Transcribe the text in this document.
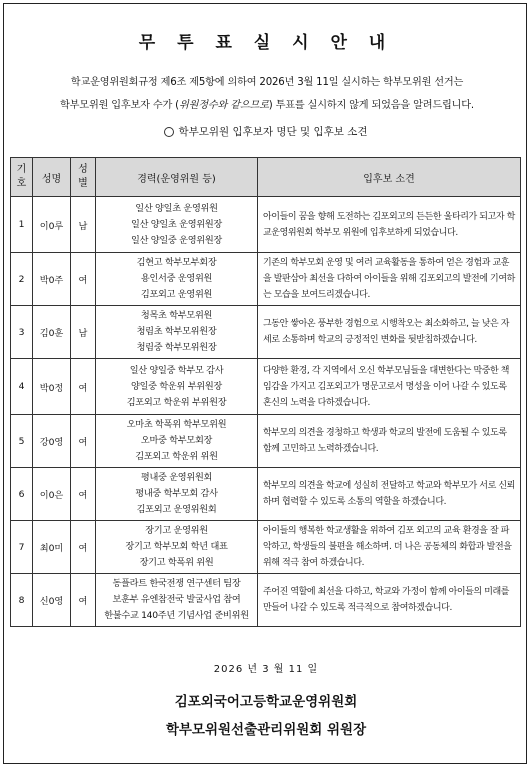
무 투 표 실 시 안 내
학교운영위원회규정 제6조 제5항에 의하여 2026년 3월 11일 실시하는 학부모위원 선거는
학부모위원 입후보자 수가 (위원정수와 같으므로) 투표를 실시하지 않게 되었음을 알려드립니다.
학부모위원 입후보자 명단 및 입후보 소견
기
호	성명	성
별	경력(운영위원 등)	입후보 소견
1	이0루	남	일산 양일초 운영위원
일산 양일초 운영위원장
일산 양일중 운영위원장	아이들이 꿈을 향해 도전하는 김포외고의 든든한 울타리가 되고자 학교운영위원회 학부모 위원에 입후보하게 되었습니다.
2	박0주	여	김현고 학부모부회장
용인서중 운영위원
김포외고 운영위원	기존의 학부모회 운영 및 여러 교육활동을 통하여 얻은 경험과 교훈을 발판삼아 최선을 다하여 아이들을 위해 김포외고의 발전에 기여하는 모습을 보여드리겠습니다.
3	김0훈	남	청목초 학부모위원
청림초 학부모위원장
청림중 학부모위원장	그동안 쌓아온 풍부한 경험으로 시행착오는 최소화하고, 늘 낮은 자세로 소통하며 학교의 긍정적인 변화를 뒷받침하겠습니다.
4	박0정	여	일산 양일중 학부모 감사
양일중 학운위 부위원장
김포외고 학운위 부위원장	다양한 환경, 각 지역에서 오신 학부모님들을 대변한다는 막중한 책임감을 가지고 김포외고가 명문고로서 명성을 이어 나갈 수 있도록 혼신의 노력을 다하겠습니다.
5	강0영	여	오마초 학폭위 학부모위원
오마중 학부모회장
김포외고 학운위 위원	학부모의 의견을 경청하고 학생과 학교의 발전에 도움될 수 있도록 함께 고민하고 노력하겠습니다.
6	이0은	여	평내중 운영위원회
평내중 학부모회 감사
김포외고 운영위원회	학부모의 의견을 학교에 성실히 전달하고 학교와 학부모가 서로 신뢰하며 협력할 수 있도록 소통의 역할을 하겠습니다.
7	최0미	여	장기고 운영위원
장기고 학부모회 학년 대표
장기고 학폭위 위원	아이들의 행복한 학교생활을 위하여 김포 외고의 교육 환경을 잘 파악하고, 학생들의 불편을 해소하며. 더 나은 공동체의 화합과 발전을 위해 적극 참여 하겠습니다.
8	신0영	여	동플라트 한국전쟁 연구센터 팀장
보훈부 유엔참전국 발굴사업 참여
한불수교 140주년 기념사업 준비위원	주어진 역할에 최선을 다하고, 학교와 가정이 함께 아이들의 미래를 만들어 나갈 수 있도록 적극적으로 참여하겠습니다.
2026 년 3 월 11 일
김포외국어고등학교운영위원회
학부모위원선출관리위원회 위원장
